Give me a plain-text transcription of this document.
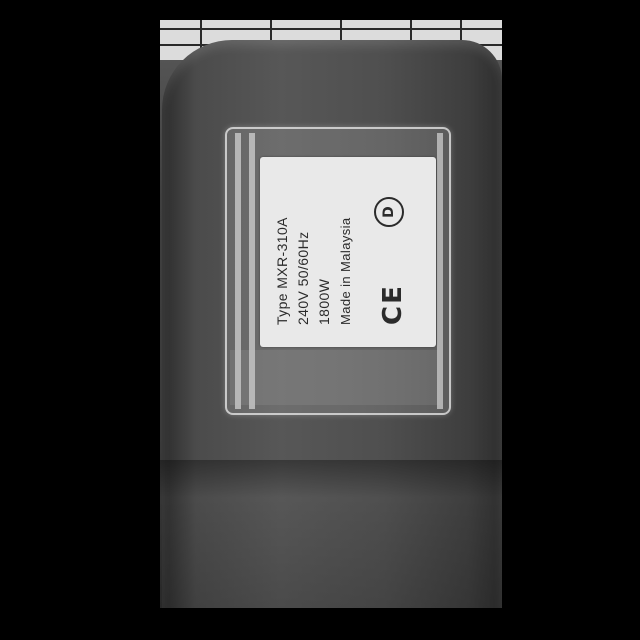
Type MXR-310A 240V 50/60Hz 1800W Made in Malaysia CE
D
